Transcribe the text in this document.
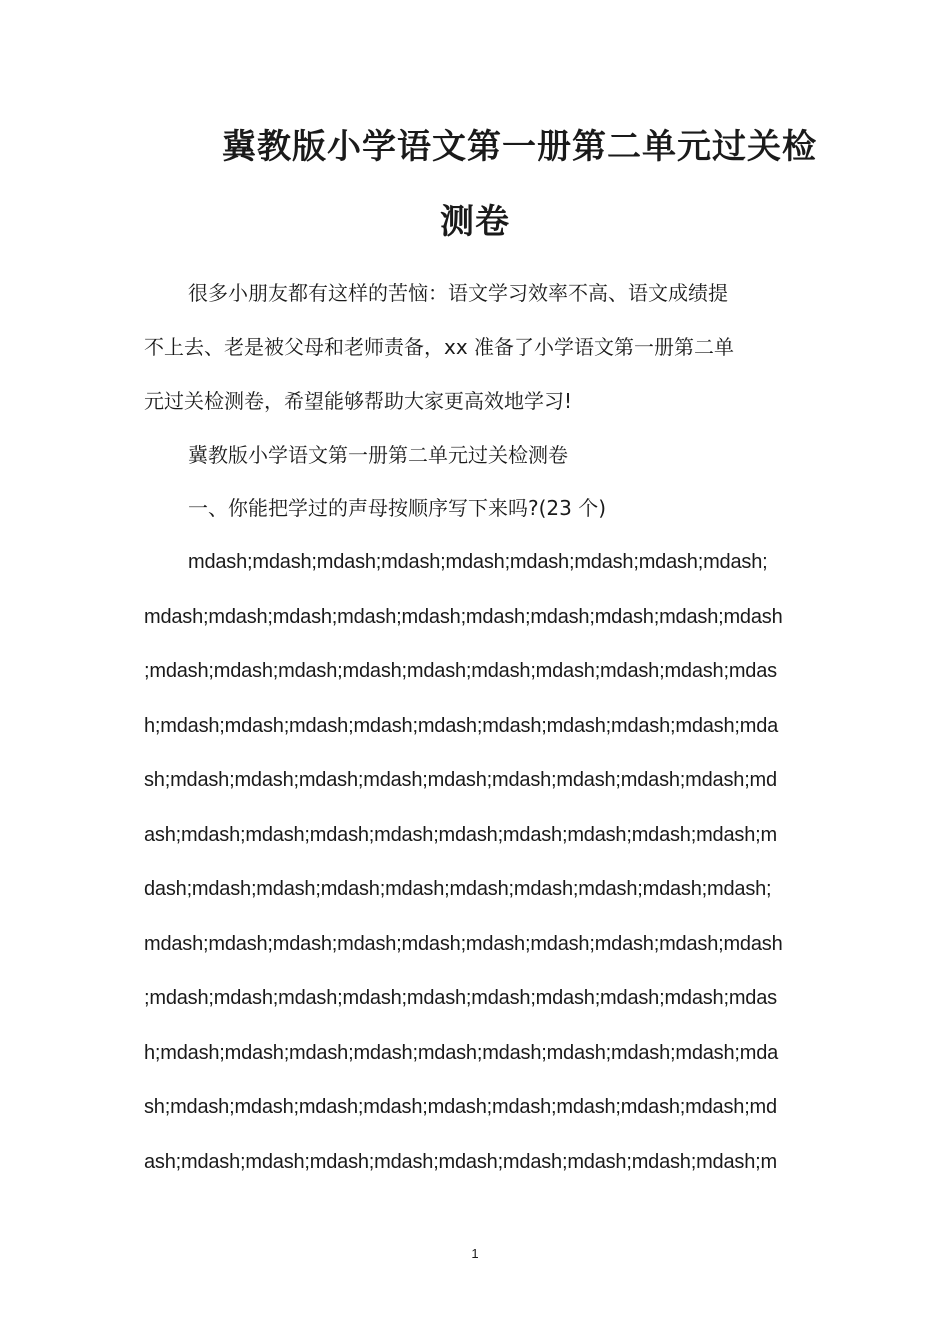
冀教版小学语文第一册第二单元过关检
测卷

很多小朋友都有这样的苦恼：语文学习效率不高、语文成绩提

不上去、老是被父母和老师责备，xx 准备了小学语文第一册第二单

元过关检测卷，希望能够帮助大家更高效地学习!

冀教版小学语文第一册第二单元过关检测卷

一、你能把学过的声母按顺序写下来吗?(23 个)

mdash;mdash;mdash;mdash;mdash;mdash;mdash;mdash;mdash;

mdash;mdash;mdash;mdash;mdash;mdash;mdash;mdash;mdash;mdash

;mdash;mdash;mdash;mdash;mdash;mdash;mdash;mdash;mdash;mdas

h;mdash;mdash;mdash;mdash;mdash;mdash;mdash;mdash;mdash;mda

sh;mdash;mdash;mdash;mdash;mdash;mdash;mdash;mdash;mdash;md

ash;mdash;mdash;mdash;mdash;mdash;mdash;mdash;mdash;mdash;m

dash;mdash;mdash;mdash;mdash;mdash;mdash;mdash;mdash;mdash;

mdash;mdash;mdash;mdash;mdash;mdash;mdash;mdash;mdash;mdash

;mdash;mdash;mdash;mdash;mdash;mdash;mdash;mdash;mdash;mdas

h;mdash;mdash;mdash;mdash;mdash;mdash;mdash;mdash;mdash;mda

sh;mdash;mdash;mdash;mdash;mdash;mdash;mdash;mdash;mdash;md

ash;mdash;mdash;mdash;mdash;mdash;mdash;mdash;mdash;mdash;m

1
